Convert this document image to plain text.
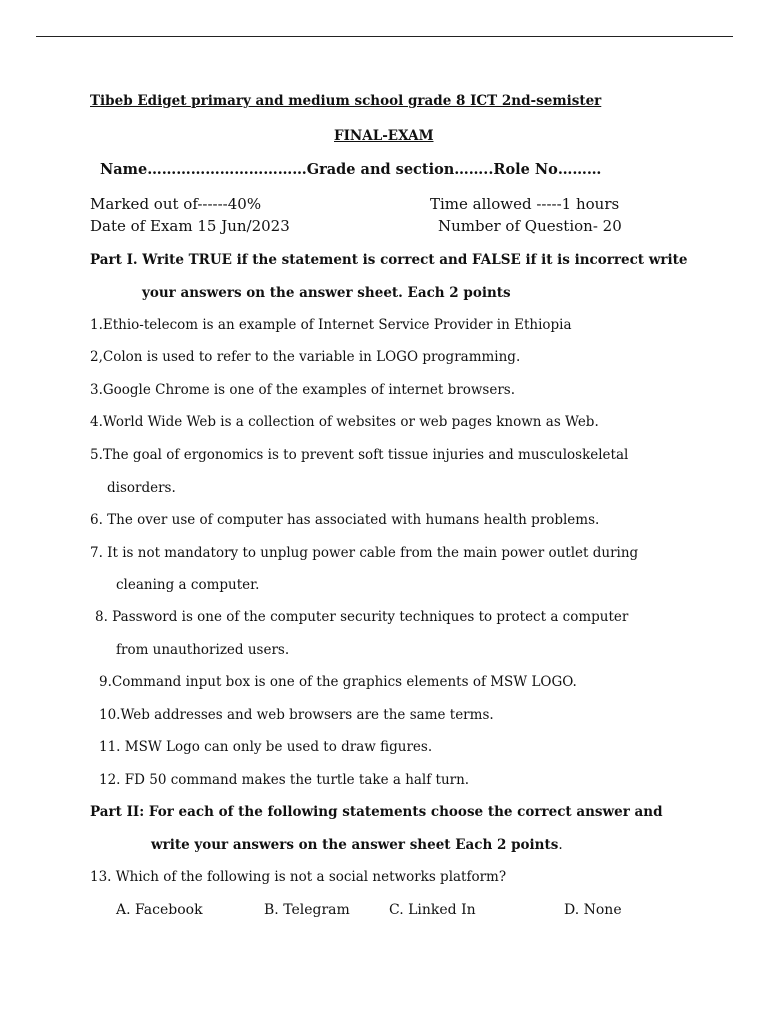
Tibeb Ediget primary and medium school grade 8 ICT 2nd-semister
FINAL-EXAM
Name……………………………Grade and section……..Role No………
Marked out of------40%	Time allowed -----1 hours
Date of Exam 15 Jun/2023	Number of Question- 20
Part I. Write TRUE if the statement is correct and FALSE if it is incorrect write
your answers on the answer sheet. Each 2 points
1.Ethio-telecom is an example of Internet Service Provider in Ethiopia
2,Colon is used to refer to the variable in LOGO programming.
3.Google Chrome is one of the examples of internet browsers.
4.World Wide Web is a collection of websites or web pages known as Web.
5.The goal of ergonomics is to prevent soft tissue injuries and musculoskeletal
disorders.
6. The over use of computer has associated with humans health problems.
7. It is not mandatory to unplug power cable from the main power outlet during
cleaning a computer.
8. Password is one of the computer security techniques to protect a computer
from unauthorized users.
9.Command input box is one of the graphics elements of MSW LOGO.
10.Web addresses and web browsers are the same terms.
11. MSW Logo can only be used to draw figures.
12. FD 50 command makes the turtle take a half turn.
Part II: For each of the following statements choose the correct answer and
write your answers on the answer sheet Each 2 points.
13. Which of the following is not a social networks platform?
A. Facebook	B. Telegram	C. Linked In	D. None
